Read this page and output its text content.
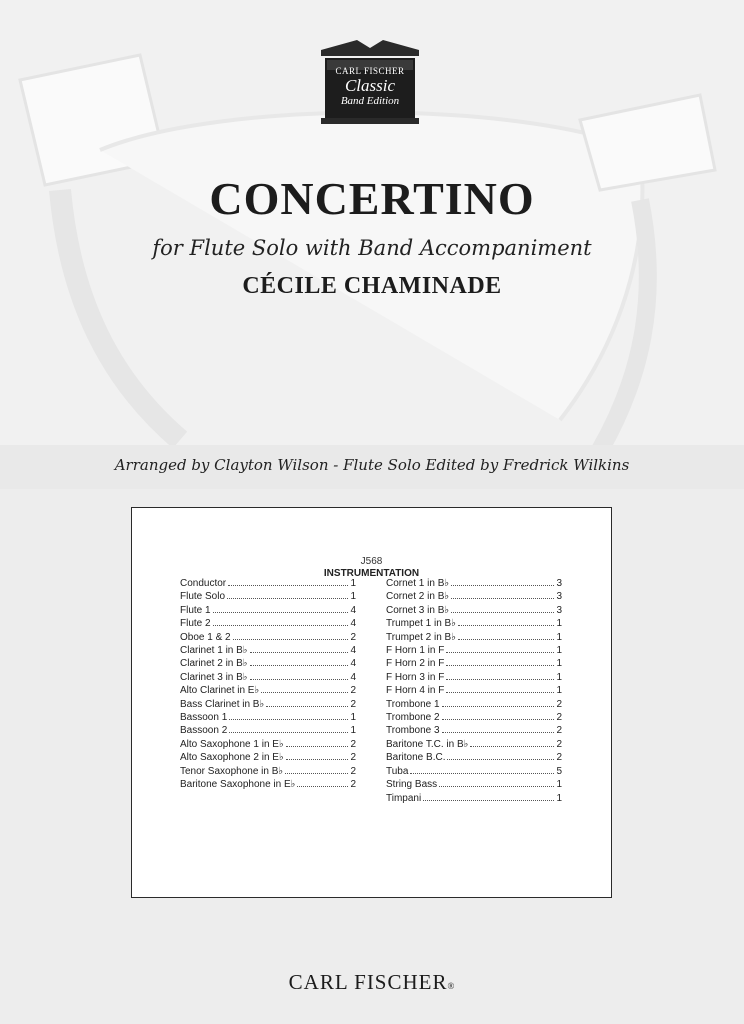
CARL FISCHER
Classic
Band Edition
CONCERTINO
for Flute Solo with Band Accompaniment
CÉCILE CHAMINADE
Arranged by Clayton Wilson - Flute Solo Edited by Fredrick Wilkins
J568
INSTRUMENTATION
Conductor	1
Flute Solo	1
Flute 1	4
Flute 2	4
Oboe 1 & 2	2
Clarinet 1 in B♭	4
Clarinet 2 in B♭	4
Clarinet 3 in B♭	4
Alto Clarinet in E♭	2
Bass Clarinet in B♭	2
Bassoon 1	1
Bassoon 2	1
Alto Saxophone 1 in E♭	2
Alto Saxophone 2 in E♭	2
Tenor Saxophone in B♭	2
Baritone Saxophone in E♭	2
Cornet 1 in B♭	3
Cornet 2 in B♭	3
Cornet 3 in B♭	3
Trumpet 1 in B♭	1
Trumpet 2 in B♭	1
F Horn 1 in F	1
F Horn 2 in F	1
F Horn 3 in F	1
F Horn 4 in F	1
Trombone 1	2
Trombone 2	2
Trombone 3	2
Baritone T.C. in B♭	2
Baritone B.C.	2
Tuba	5
String Bass	1
Timpani	1
CARL FISCHER®
